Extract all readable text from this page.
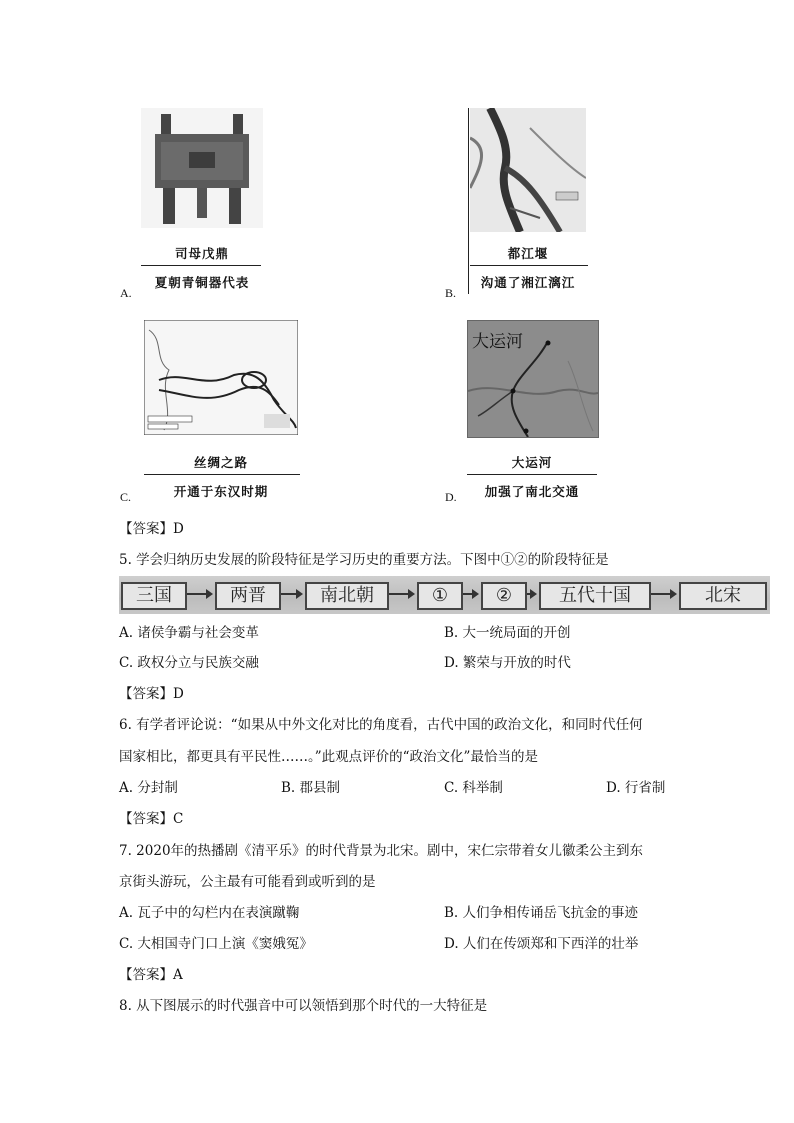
司母戊鼎
夏朝青铜器代表
A.
都江堰
沟通了湘江漓江
B.
丝绸之路
开通于东汉时期
C.
大运河
大运河
加强了南北交通
D.
【答案】D
5. 学会归纳历史发展的阶段特征是学习历史的重要方法。下图中①②的阶段特征是
三国	两晋	南北朝	①	②	五代十国	北宋
A. 诸侯争霸与社会变革	B. 大一统局面的开创
C. 政权分立与民族交融	D. 繁荣与开放的时代
【答案】D
6. 有学者评论说：“如果从中外文化对比的角度看，古代中国的政治文化，和同时代任何
国家相比，都更具有平民性……。”此观点评价的“政治文化”最恰当的是
A. 分封制	B. 郡县制	C. 科举制	D. 行省制
【答案】C
7. 2020年的热播剧《清平乐》的时代背景为北宋。剧中，宋仁宗带着女儿徽柔公主到东
京街头游玩，公主最有可能看到或听到的是
A. 瓦子中的勾栏内在表演蹴鞠	B. 人们争相传诵岳飞抗金的事迹
C. 大相国寺门口上演《窦娥冤》	D. 人们在传颂郑和下西洋的壮举
【答案】A
8. 从下图展示的时代强音中可以领悟到那个时代的一大特征是
